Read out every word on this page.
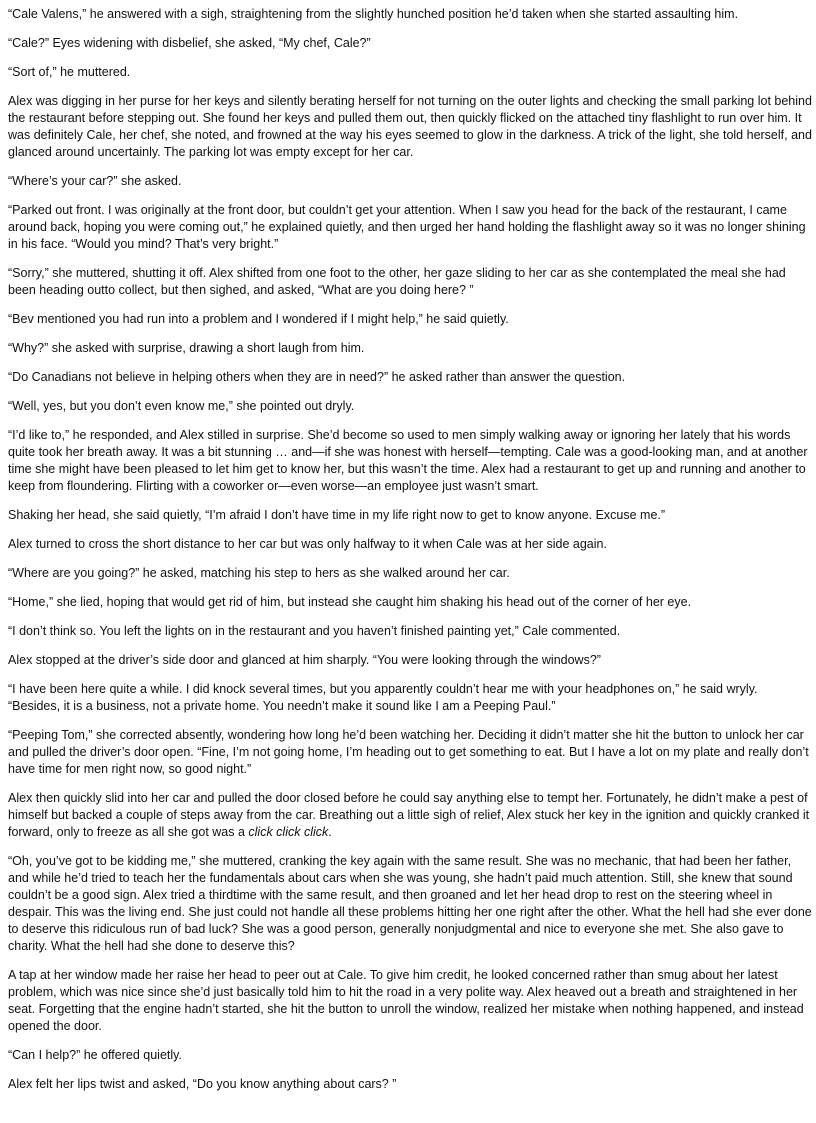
“Cale Valens,” he answered with a sigh, straightening from the slightly hunched position he’d taken when she started assaulting him.

“Cale?” Eyes widening with disbelief, she asked, “My chef, Cale?”

“Sort of,” he muttered.

Alex was digging in her purse for her keys and silently berating herself for not turning on the outer lights and checking the small parking lot behind the restaurant before stepping out. She found her keys and pulled them out, then quickly flicked on the attached tiny flashlight to run over him. It was definitely Cale, her chef, she noted, and frowned at the way his eyes seemed to glow in the darkness. A trick of the light, she told herself, and glanced around uncertainly. The parking lot was empty except for her car.

“Where’s your car?” she asked.

“Parked out front. I was originally at the front door, but couldn’t get your attention. When I saw you head for the back of the restaurant, I came around back, hoping you were coming out,” he explained quietly, and then urged her hand holding the flashlight away so it was no longer shining in his face. “Would you mind? That’s very bright.”

“Sorry,” she muttered, shutting it off. Alex shifted from one foot to the other, her gaze sliding to her car as she contemplated the meal she had been heading outto collect, but then sighed, and asked, “What are you doing here? ”

“Bev mentioned you had run into a problem and I wondered if I might help,” he said quietly.

“Why?” she asked with surprise, drawing a short laugh from him.

“Do Canadians not believe in helping others when they are in need?” he asked rather than answer the question.

“Well, yes, but you don’t even know me,” she pointed out dryly.

“I’d like to,” he responded, and Alex stilled in surprise. She’d become so used to men simply walking away or ignoring her lately that his words quite took her breath away. It was a bit stunning … and—if she was honest with herself—tempting. Cale was a good-looking man, and at another time she might have been pleased to let him get to know her, but this wasn’t the time. Alex had a restaurant to get up and running and another to keep from floundering. Flirting with a coworker or—even worse—an employee just wasn’t smart.

Shaking her head, she said quietly, “I’m afraid I don’t have time in my life right now to get to know anyone. Excuse me.”

Alex turned to cross the short distance to her car but was only halfway to it when Cale was at her side again.

“Where are you going?” he asked, matching his step to hers as she walked around her car.

“Home,” she lied, hoping that would get rid of him, but instead she caught him shaking his head out of the corner of her eye.

“I don’t think so. You left the lights on in the restaurant and you haven’t finished painting yet,” Cale commented.

Alex stopped at the driver’s side door and glanced at him sharply. “You were looking through the windows?”

“I have been here quite a while. I did knock several times, but you apparently couldn’t hear me with your headphones on,” he said wryly. “Besides, it is a business, not a private home. You needn’t make it sound like I am a Peeping Paul.”

“Peeping Tom,” she corrected absently, wondering how long he’d been watching her. Deciding it didn’t matter she hit the button to unlock her car and pulled the driver’s door open. “Fine, I’m not going home, I’m heading out to get something to eat. But I have a lot on my plate and really don’t have time for men right now, so good night.”

Alex then quickly slid into her car and pulled the door closed before he could say anything else to tempt her. Fortunately, he didn’t make a pest of himself but backed a couple of steps away from the car. Breathing out a little sigh of relief, Alex stuck her key in the ignition and quickly cranked it forward, only to freeze as all she got was a click click click.

“Oh, you’ve got to be kidding me,” she muttered, cranking the key again with the same result. She was no mechanic, that had been her father, and while he’d tried to teach her the fundamentals about cars when she was young, she hadn’t paid much attention. Still, she knew that sound couldn’t be a good sign. Alex tried a thirdtime with the same result, and then groaned and let her head drop to rest on the steering wheel in despair. This was the living end. She just could not handle all these problems hitting her one right after the other. What the hell had she ever done to deserve this ridiculous run of bad luck? She was a good person, generally nonjudgmental and nice to everyone she met. She also gave to charity. What the hell had she done to deserve this?

A tap at her window made her raise her head to peer out at Cale. To give him credit, he looked concerned rather than smug about her latest problem, which was nice since she’d just basically told him to hit the road in a very polite way. Alex heaved out a breath and straightened in her seat. Forgetting that the engine hadn’t started, she hit the button to unroll the window, realized her mistake when nothing happened, and instead opened the door.

“Can I help?” he offered quietly.

Alex felt her lips twist and asked, “Do you know anything about cars? ”
